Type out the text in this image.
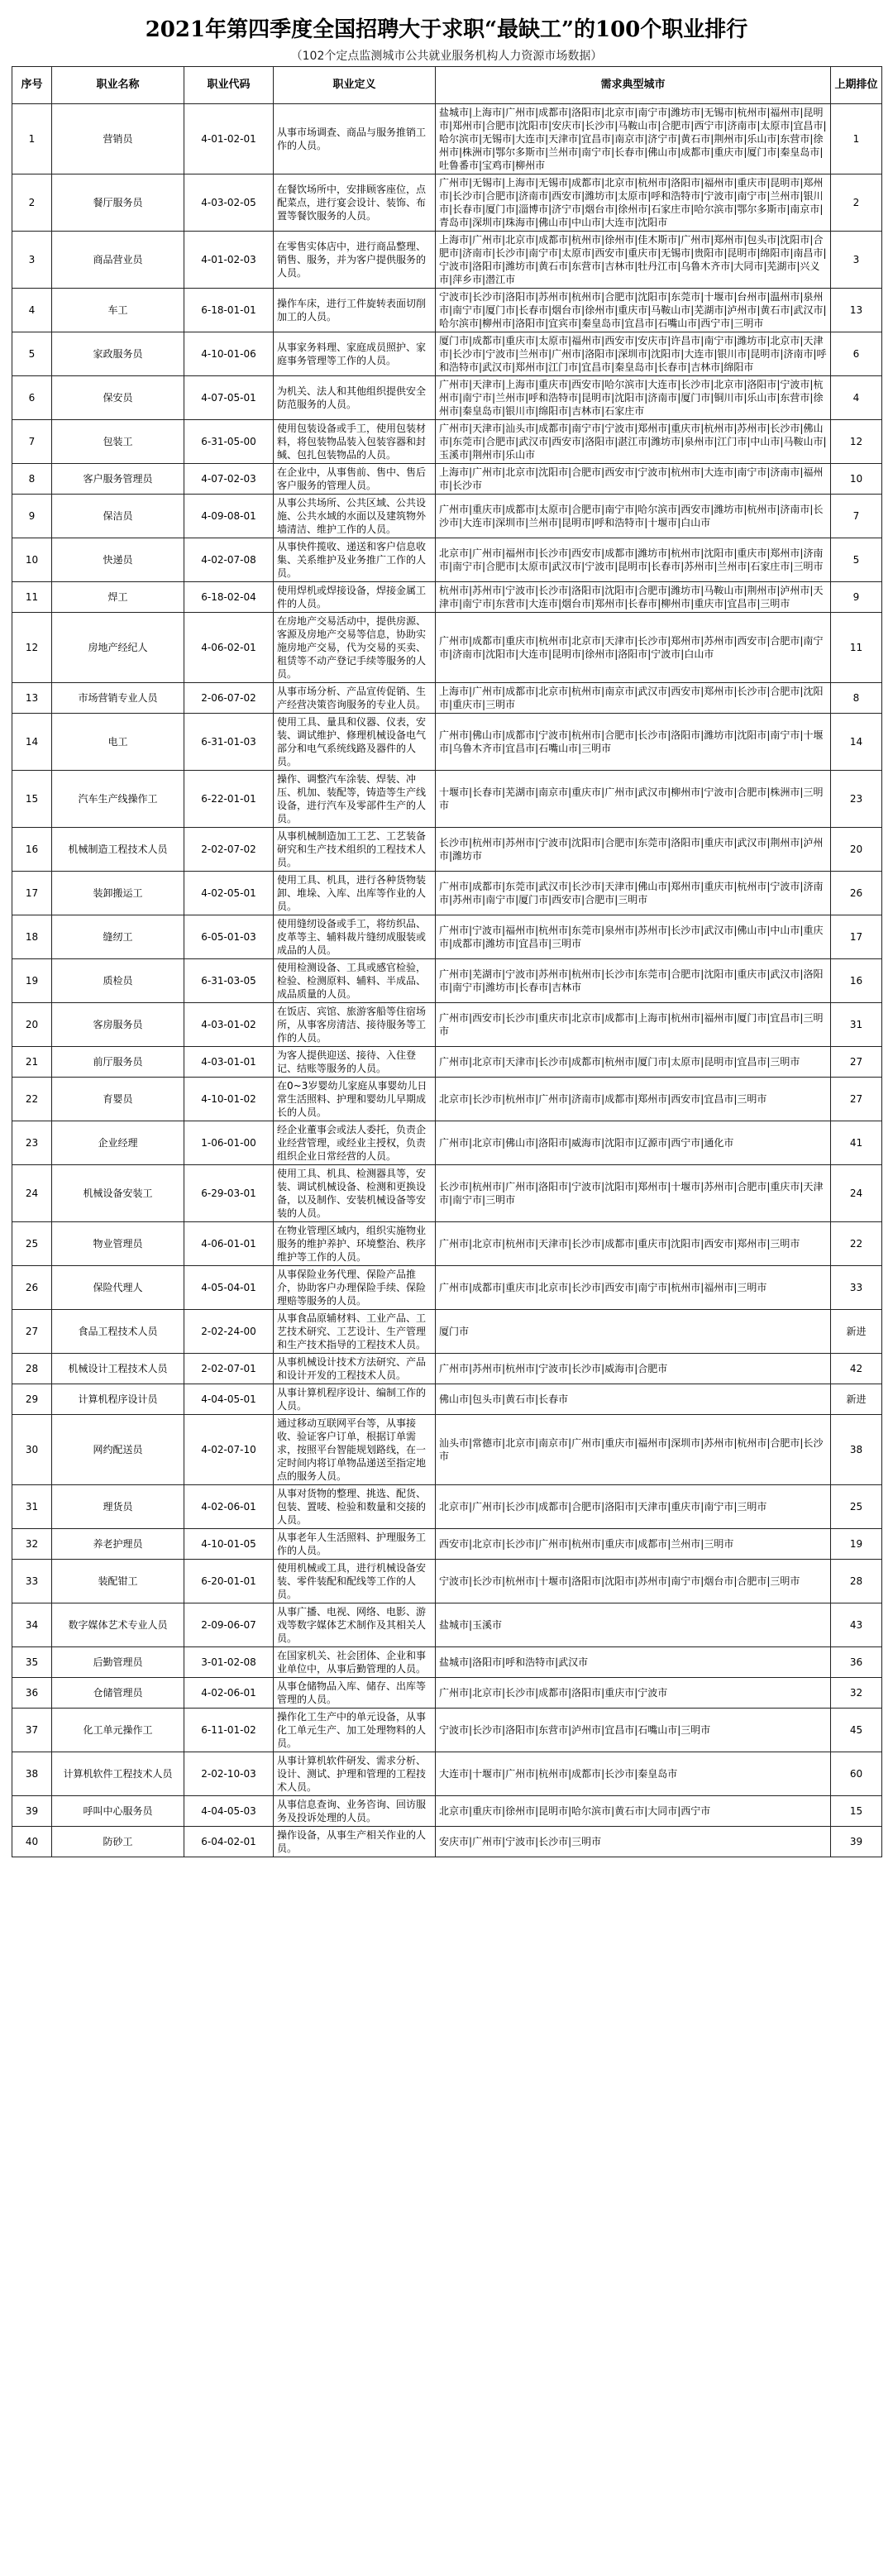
2021年第四季度全国招聘大于求职“最缺工”的100个职业排行
（102个定点监测城市公共就业服务机构人力资源市场数据）
序号	职业名称	职业代码	职业定义	需求典型城市	上期排位
1	营销员	4-01-02-01	从事市场调查、商品与服务推销工作的人员。	盐城市|上海市|广州市|成都市|洛阳市|北京市|南宁市|潍坊市|无锡市|杭州市|福州市|昆明市|郑州市|合肥市|沈阳市|安庆市|长沙市|马鞍山市|合肥市|西宁市|济南市|太原市|宜昌市|哈尔滨市|无锡市|大连市|天津市|宜昌市|南京市|济宁市|黄石市|荆州市|乐山市|东营市|徐州市|株洲市|鄂尔多斯市|兰州市|南宁市|长春市|佛山市|成都市|重庆市|厦门市|秦皇岛市|吐鲁番市|宝鸡市|柳州市	1
2	餐厅服务员	4-03-02-05	在餐饮场所中，安排顾客座位，点配菜点，进行宴会设计、装饰、布置等餐饮服务的人员。	广州市|无锡市|上海市|无锡市|成都市|北京市|杭州市|洛阳市|福州市|重庆市|昆明市|郑州市|长沙市|合肥市|济南市|西安市|潍坊市|太原市|呼和浩特市|宁波市|南宁市|兰州市|银川市|长春市|厦门市|淄博市|济宁市|烟台市|徐州市|石家庄市|哈尔滨市|鄂尔多斯市|南京市|青岛市|深圳市|珠海市|佛山市|中山市|大连市|沈阳市	2
3	商品营业员	4-01-02-03	在零售实体店中，进行商品整理、销售、服务，并为客户提供服务的人员。	上海市|广州市|北京市|成都市|杭州市|徐州市|佳木斯市|广州市|郑州市|包头市|沈阳市|合肥市|济南市|长沙市|南宁市|太原市|西安市|重庆市|无锡市|贵阳市|昆明市|绵阳市|南昌市|宁波市|洛阳市|潍坊市|黄石市|东营市|吉林市|牡丹江市|乌鲁木齐市|大同市|芜湖市|兴义市|萍乡市|潜江市	3
4	车工	6-18-01-01	操作车床，进行工件旋转表面切削加工的人员。	宁波市|长沙市|洛阳市|苏州市|杭州市|合肥市|沈阳市|东莞市|十堰市|台州市|温州市|泉州市|南宁市|厦门市|长春市|烟台市|徐州市|重庆市|马鞍山市|芜湖市|泸州市|黄石市|武汉市|哈尔滨市|柳州市|洛阳市|宜宾市|秦皇岛市|宜昌市|石嘴山市|西宁市|三明市	13
5	家政服务员	4-10-01-06	从事家务料理、家庭成员照护、家庭事务管理等工作的人员。	厦门市|成都市|重庆市|太原市|福州市|西安市|安庆市|许昌市|南宁市|潍坊市|北京市|天津市|长沙市|宁波市|兰州市|广州市|洛阳市|深圳市|沈阳市|大连市|银川市|昆明市|济南市|呼和浩特市|武汉市|郑州市|江门市|宜昌市|秦皇岛市|长春市|吉林市|绵阳市	6
6	保安员	4-07-05-01	为机关、法人和其他组织提供安全防范服务的人员。	广州市|天津市|上海市|重庆市|西安市|哈尔滨市|大连市|长沙市|北京市|洛阳市|宁波市|杭州市|南宁市|兰州市|呼和浩特市|昆明市|沈阳市|济南市|厦门市|铜川市|乐山市|东营市|徐州市|秦皇岛市|银川市|绵阳市|吉林市|石家庄市	4
7	包装工	6-31-05-00	使用包装设备或手工，使用包装材料，将包装物品装入包装容器和封缄、包扎包装物品的人员。	广州市|天津市|汕头市|成都市|南宁市|宁波市|郑州市|重庆市|杭州市|苏州市|长沙市|佛山市|东莞市|合肥市|武汉市|西安市|洛阳市|湛江市|潍坊市|泉州市|江门市|中山市|马鞍山市|玉溪市|荆州市|乐山市	12
8	客户服务管理员	4-07-02-03	在企业中，从事售前、售中、售后客户服务的管理人员。	上海市|广州市|北京市|沈阳市|合肥市|西安市|宁波市|杭州市|大连市|南宁市|济南市|福州市|长沙市	10
9	保洁员	4-09-08-01	从事公共场所、公共区域、公共设施、公共水域的水面以及建筑物外墙清洁、维护工作的人员。	广州市|重庆市|成都市|太原市|合肥市|南宁市|哈尔滨市|西安市|潍坊市|杭州市|济南市|长沙市|大连市|深圳市|兰州市|昆明市|呼和浩特市|十堰市|白山市	7
10	快递员	4-02-07-08	从事快件揽收、递送和客户信息收集、关系维护及业务推广工作的人员。	北京市|广州市|福州市|长沙市|西安市|成都市|潍坊市|杭州市|沈阳市|重庆市|郑州市|济南市|南宁市|合肥市|太原市|武汉市|宁波市|昆明市|长春市|苏州市|兰州市|石家庄市|三明市	5
11	焊工	6-18-02-04	使用焊机或焊接设备，焊接金属工件的人员。	杭州市|苏州市|宁波市|长沙市|洛阳市|沈阳市|合肥市|潍坊市|马鞍山市|荆州市|泸州市|天津市|南宁市|东营市|大连市|烟台市|郑州市|长春市|柳州市|重庆市|宜昌市|三明市	9
12	房地产经纪人	4-06-02-01	在房地产交易活动中，提供房源、客源及房地产交易等信息，协助实施房地产交易，代为交易的买卖、租赁等不动产登记手续等服务的人员。	广州市|成都市|重庆市|杭州市|北京市|天津市|长沙市|郑州市|苏州市|西安市|合肥市|南宁市|济南市|沈阳市|大连市|昆明市|徐州市|洛阳市|宁波市|白山市	11
13	市场营销专业人员	2-06-07-02	从事市场分析、产品宣传促销、生产经营决策咨询服务的专业人员。	上海市|广州市|成都市|北京市|杭州市|南京市|武汉市|西安市|郑州市|长沙市|合肥市|沈阳市|重庆市|三明市	8
14	电工	6-31-01-03	使用工具、量具和仪器、仪表，安装、调试维护、修理机械设备电气部分和电气系统线路及器件的人员。	广州市|佛山市|成都市|宁波市|杭州市|合肥市|长沙市|洛阳市|潍坊市|沈阳市|南宁市|十堰市|乌鲁木齐市|宜昌市|石嘴山市|三明市	14
15	汽车生产线操作工	6-22-01-01	操作、调整汽车涂装、焊装、冲压、机加、装配等，铸造等生产线设备，进行汽车及零部件生产的人员。	十堰市|长春市|芜湖市|南京市|重庆市|广州市|武汉市|柳州市|宁波市|合肥市|株洲市|三明市	23
16	机械制造工程技术人员	2-02-07-02	从事机械制造加工工艺、工艺装备研究和生产技术组织的工程技术人员。	长沙市|杭州市|苏州市|宁波市|沈阳市|合肥市|东莞市|洛阳市|重庆市|武汉市|荆州市|泸州市|潍坊市	20
17	装卸搬运工	4-02-05-01	使用工具、机具，进行各种货物装卸、堆垛、入库、出库等作业的人员。	广州市|成都市|东莞市|武汉市|长沙市|天津市|佛山市|郑州市|重庆市|杭州市|宁波市|济南市|苏州市|南宁市|厦门市|西安市|合肥市|三明市	26
18	缝纫工	6-05-01-03	使用缝纫设备或手工，将纺织品、皮革等主、辅料裁片缝纫成服装或成品的人员。	广州市|宁波市|福州市|杭州市|东莞市|泉州市|苏州市|长沙市|武汉市|佛山市|中山市|重庆市|成都市|潍坊市|宜昌市|三明市	17
19	质检员	6-31-03-05	使用检测设备、工具或感官检验，检验、检测原料、辅料、半成品、成品质量的人员。	广州市|芜湖市|宁波市|苏州市|杭州市|长沙市|东莞市|合肥市|沈阳市|重庆市|武汉市|洛阳市|南宁市|潍坊市|长春市|吉林市	16
20	客房服务员	4-03-01-02	在饭店、宾馆、旅游客船等住宿场所，从事客房清洁、接待服务等工作的人员。	广州市|西安市|长沙市|重庆市|北京市|成都市|上海市|杭州市|福州市|厦门市|宜昌市|三明市	31
21	前厅服务员	4-03-01-01	为客人提供迎送、接待、入住登记、结账等服务的人员。	广州市|北京市|天津市|长沙市|成都市|杭州市|厦门市|太原市|昆明市|宜昌市|三明市	27
22	育婴员	4-10-01-02	在0~3岁婴幼儿家庭从事婴幼儿日常生活照料、护理和婴幼儿早期成长的人员。	北京市|长沙市|杭州市|广州市|济南市|成都市|郑州市|西安市|宜昌市|三明市	27
23	企业经理	1-06-01-00	经企业董事会或法人委托，负责企业经营管理，或经业主授权，负责组织企业日常经营的人员。	广州市|北京市|佛山市|洛阳市|威海市|沈阳市|辽源市|西宁市|通化市	41
24	机械设备安装工	6-29-03-01	使用工具、机具、检测器具等，安装、调试机械设备、检测和更换设备，以及制作、安装机械设备等安装的人员。	长沙市|杭州市|广州市|洛阳市|宁波市|沈阳市|郑州市|十堰市|苏州市|合肥市|重庆市|天津市|南宁市|三明市	24
25	物业管理员	4-06-01-01	在物业管理区域内，组织实施物业服务的维护养护、环境整治、秩序维护等工作的人员。	广州市|北京市|杭州市|天津市|长沙市|成都市|重庆市|沈阳市|西安市|郑州市|三明市	22
26	保险代理人	4-05-04-01	从事保险业务代理、保险产品推介，协助客户办理保险手续、保险理赔等服务的人员。	广州市|成都市|重庆市|北京市|长沙市|西安市|南宁市|杭州市|福州市|三明市	33
27	食品工程技术人员	2-02-24-00	从事食品原辅材料、工业产品、工艺技术研究、工艺设计、生产管理和生产技术指导的工程技术人员。	厦门市	新进
28	机械设计工程技术人员	2-02-07-01	从事机械设计技术方法研究、产品和设计开发的工程技术人员。	广州市|苏州市|杭州市|宁波市|长沙市|威海市|合肥市	42
29	计算机程序设计员	4-04-05-01	从事计算机程序设计、编制工作的人员。	佛山市|包头市|黄石市|长春市	新进
30	网约配送员	4-02-07-10	通过移动互联网平台等，从事接收、验证客户订单，根据订单需求，按照平台智能规划路线，在一定时间内将订单物品递送至指定地点的服务人员。	汕头市|常德市|北京市|南京市|广州市|重庆市|福州市|深圳市|苏州市|杭州市|合肥市|长沙市	38
31	理货员	4-02-06-01	从事对货物的整理、挑选、配货、包装、置唛、检验和数量和交接的人员。	北京市|广州市|长沙市|成都市|合肥市|洛阳市|天津市|重庆市|南宁市|三明市	25
32	养老护理员	4-10-01-05	从事老年人生活照料、护理服务工作的人员。	西安市|北京市|长沙市|广州市|杭州市|重庆市|成都市|兰州市|三明市	19
33	装配钳工	6-20-01-01	使用机械或工具，进行机械设备安装、零件装配和配线等工作的人员。	宁波市|长沙市|杭州市|十堰市|洛阳市|沈阳市|苏州市|南宁市|烟台市|合肥市|三明市	28
34	数字媒体艺术专业人员	2-09-06-07	从事广播、电视、网络、电影、游戏等数字媒体艺术制作及其相关人员。	盐城市|玉溪市	43
35	后勤管理员	3-01-02-08	在国家机关、社会团体、企业和事业单位中，从事后勤管理的人员。	盐城市|洛阳市|呼和浩特市|武汉市	36
36	仓储管理员	4-02-06-01	从事仓储物品入库、储存、出库等管理的人员。	广州市|北京市|长沙市|成都市|洛阳市|重庆市|宁波市	32
37	化工单元操作工	6-11-01-02	操作化工生产中的单元设备，从事化工单元生产、加工处理物料的人员。	宁波市|长沙市|洛阳市|东营市|泸州市|宜昌市|石嘴山市|三明市	45
38	计算机软件工程技术人员	2-02-10-03	从事计算机软件研发、需求分析、设计、测试、护理和管理的工程技术人员。	大连市|十堰市|广州市|杭州市|成都市|长沙市|秦皇岛市	60
39	呼叫中心服务员	4-04-05-03	从事信息查询、业务咨询、回访服务及投诉处理的人员。	北京市|重庆市|徐州市|昆明市|哈尔滨市|黄石市|大同市|西宁市	15
40	防砂工	6-04-02-01	操作设备，从事生产相关作业的人员。	安庆市|广州市|宁波市|长沙市|三明市	39
